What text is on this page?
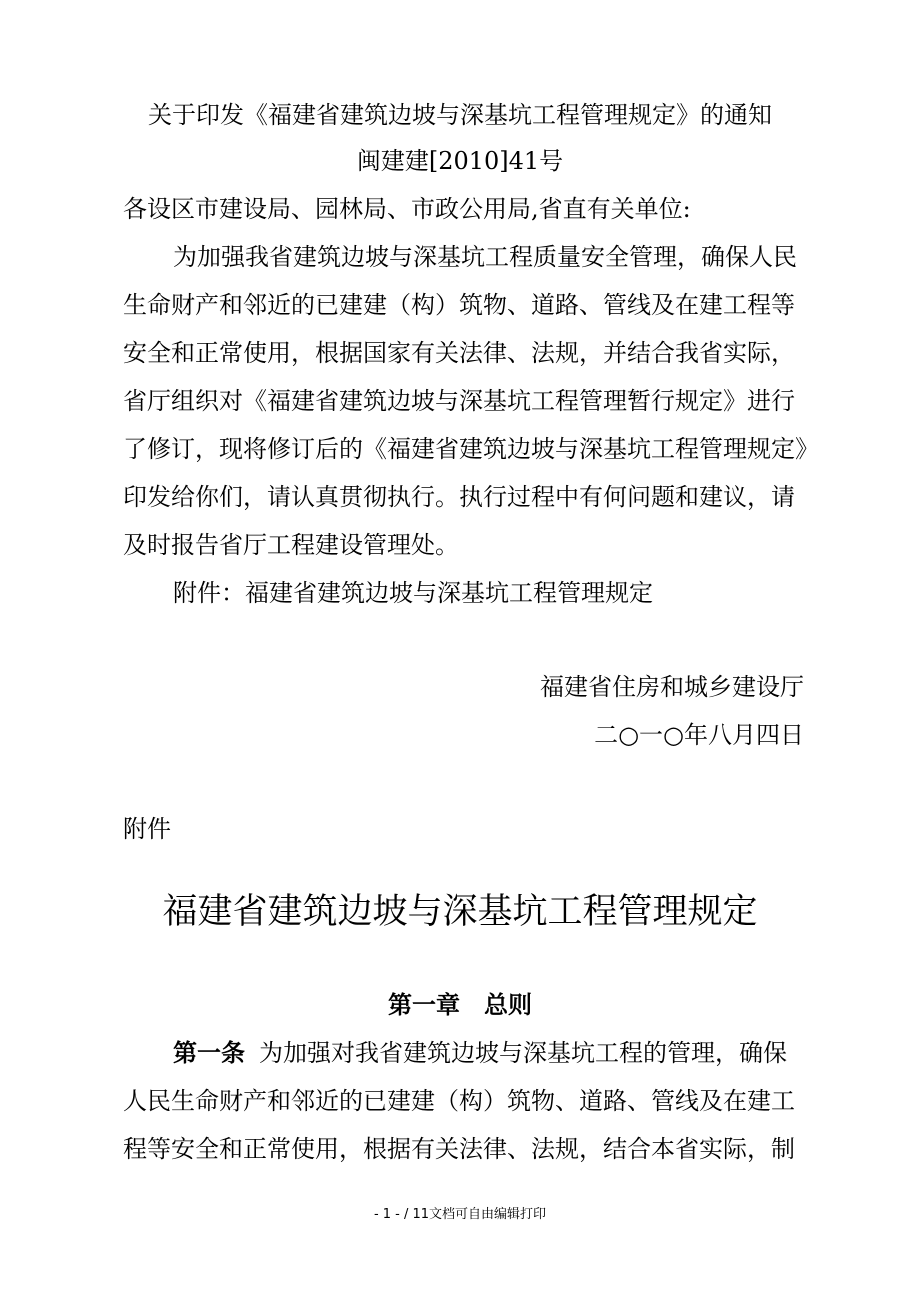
关于印发《福建省建筑边坡与深基坑工程管理规定》的通知
闽建建[2010]41号
各设区市建设局、园林局、市政公用局,省直有关单位:
为加强我省建筑边坡与深基坑工程质量安全管理，确保人民
生命财产和邻近的已建建（构）筑物、道路、管线及在建工程等
安全和正常使用，根据国家有关法律、法规，并结合我省实际，
省厅组织对《福建省建筑边坡与深基坑工程管理暂行规定》进行
了修订，现将修订后的《福建省建筑边坡与深基坑工程管理规定》
印发给你们，请认真贯彻执行。执行过程中有何问题和建议，请
及时报告省厅工程建设管理处。
附件：福建省建筑边坡与深基坑工程管理规定
福建省住房和城乡建设厅
二○一○年八月四日
附件
福建省建筑边坡与深基坑工程管理规定
第一章　总则
第一条 为加强对我省建筑边坡与深基坑工程的管理，确保
人民生命财产和邻近的已建建（构）筑物、道路、管线及在建工
程等安全和正常使用，根据有关法律、法规，结合本省实际，制
- 1 - / 11文档可自由编辑打印
